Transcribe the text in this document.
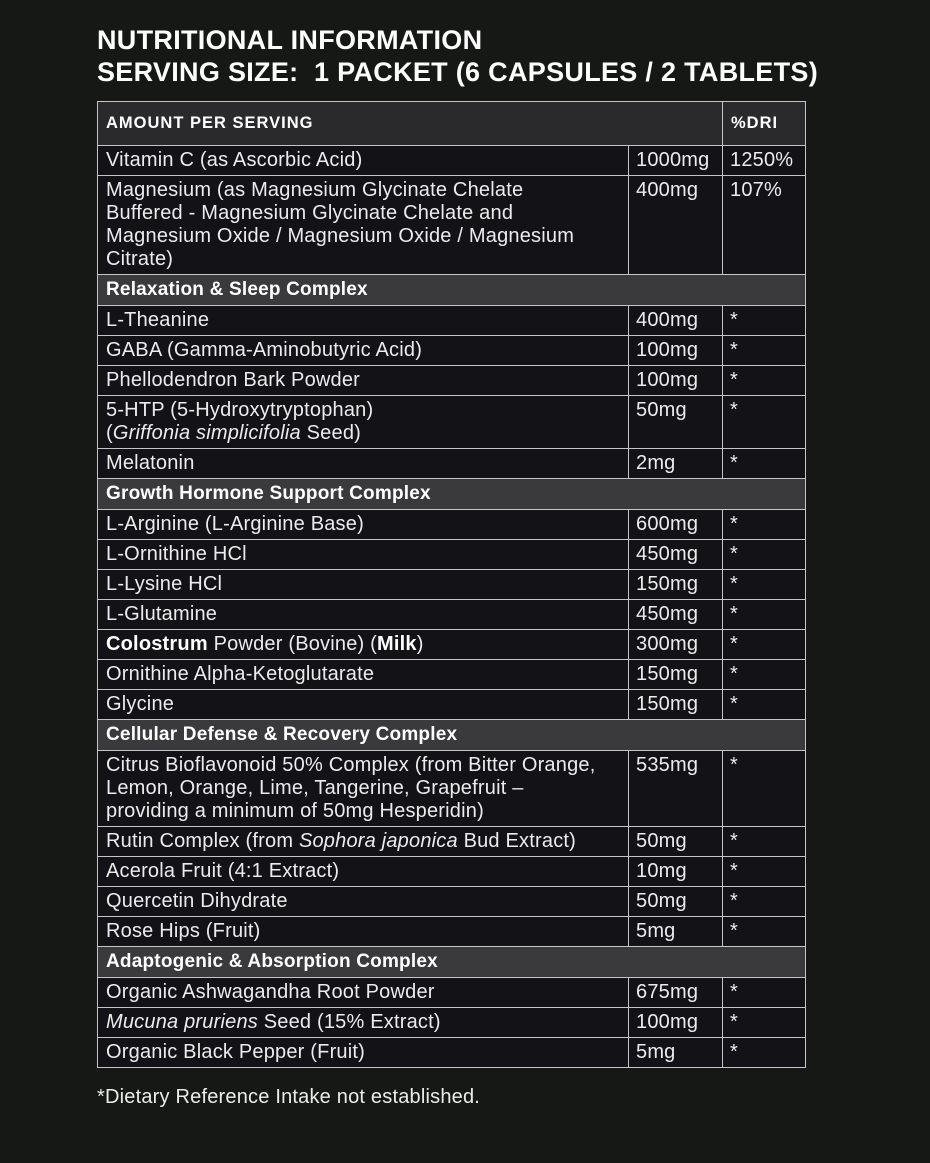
NUTRITIONAL INFORMATION
SERVING SIZE:  1 PACKET (6 CAPSULES / 2 TABLETS)
AMOUNT PER SERVING		%DRI
Vitamin C (as Ascorbic Acid)	1000mg	1250%
Magnesium (as Magnesium Glycinate Chelate
Buffered - Magnesium Glycinate Chelate and
Magnesium Oxide / Magnesium Oxide / Magnesium
Citrate)	400mg	107%
Relaxation & Sleep Complex		
L-Theanine	400mg	*
GABA (Gamma-Aminobutyric Acid)	100mg	*
Phellodendron Bark Powder	100mg	*
5-HTP (5-Hydroxytryptophan)
(Griffonia simplicifolia Seed)	50mg	*
Melatonin	2mg	*
Growth Hormone Support Complex		
L-Arginine (L-Arginine Base)	600mg	*
L-Ornithine HCl	450mg	*
L-Lysine HCl	150mg	*
L-Glutamine	450mg	*
Colostrum Powder (Bovine) (Milk)	300mg	*
Ornithine Alpha-Ketoglutarate	150mg	*
Glycine	150mg	*
Cellular Defense & Recovery Complex		
Citrus Bioflavonoid 50% Complex (from Bitter Orange,
Lemon, Orange, Lime, Tangerine, Grapefruit –
providing a minimum of 50mg Hesperidin)	535mg	*
Rutin Complex (from Sophora japonica Bud Extract)	50mg	*
Acerola Fruit (4:1 Extract)	10mg	*
Quercetin Dihydrate	50mg	*
Rose Hips (Fruit)	5mg	*
Adaptogenic & Absorption Complex		
Organic Ashwagandha Root Powder	675mg	*
Mucuna pruriens Seed (15% Extract)	100mg	*
Organic Black Pepper (Fruit)	5mg	*
*Dietary Reference Intake not established.
